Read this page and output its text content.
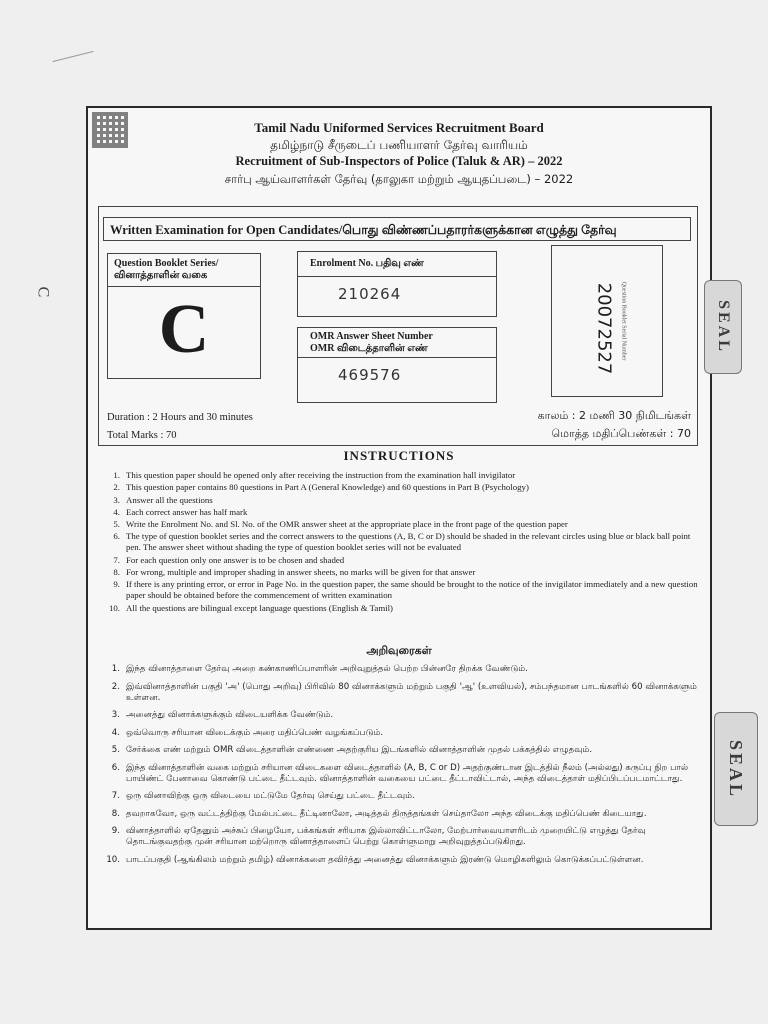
C
Tamil Nadu Uniformed Services Recruitment Board
தமிழ்நாடு சீருடைப் பணியாளர் தேர்வு வாரியம்
Recruitment of Sub-Inspectors of Police (Taluk & AR) – 2022
சார்பு ஆய்வாளர்கள் தேர்வு (தாலுகா மற்றும் ஆயுதப்படை) – 2022
Written Examination for Open Candidates/பொது விண்ணப்பதாரர்களுக்கான எழுத்து தேர்வு
Question Booklet Series/ வினாத்தாளின் வகை
C
Enrolment No. பதிவு எண்
210264
OMR Answer Sheet Number
OMR விடைத்தாளின் எண்
469576
20072527 Question Booklet Serial Number
Duration : 2 Hours and 30 minutes
Total Marks : 70
காலம் : 2 மணி 30 நிமிடங்கள்
மொத்த மதிப்பெண்கள் : 70
INSTRUCTIONS
1. This question paper should be opened only after receiving the instruction from the examination hall invigilator
2. This question paper contains 80 questions in Part A (General Knowledge) and 60 questions in Part B (Psychology)
3. Answer all the questions
4. Each correct answer has half mark
5. Write the Enrolment No. and Sl. No. of the OMR answer sheet at the appropriate place in the front page of the question paper
6. The type of question booklet series and the correct answers to the questions (A, B, C or D) should be shaded in the relevant circles using blue or black ball point pen. The answer sheet without shading the type of question booklet series will not be evaluated
7. For each question only one answer is to be chosen and shaded
8. For wrong, multiple and improper shading in answer sheets, no marks will be given for that answer
9. If there is any printing error, or error in Page No. in the question paper, the same should be brought to the notice of the invigilator immediately and a new question paper should be obtained before the commencement of written examination
10. All the questions are bilingual except language questions (English & Tamil)
அறிவுரைகள்
1. இந்த வினாத்தாளை தேர்வு அறை கண்காணிப்பாளரின் அறிவுறுத்தல் பெற்ற பின்னரே திறக்க வேண்டும்.
2. இவ்வினாத்தாளின் பகுதி 'அ' (பொது அறிவு) பிரிவில் 80 வினாக்களும் மற்றும் பகுதி 'ஆ' (உளவியல்), சம்பந்தமான பாடங்களில் 60 வினாக்களும் உள்ளன.
3. அனைத்து வினாக்களுக்கும் விடையளிக்க வேண்டும்.
4. ஒவ்வொரு சரியான விடைக்கும் அரை மதிப்பெண் வழங்கப்படும்.
5. சேர்க்கை எண் மற்றும் OMR விடைத்தாளின் எண்ணை அதற்குரிய இடங்களில் வினாத்தாளின் முதல் பக்கத்தில் எழுதவும்.
6. இந்த வினாத்தாளின் வகை மற்றும் சரியான விடைகளை விடைத்தாளில் (A, B, C or D) அதற்குண்டான இடத்தில் நீலம் (அல்லது) கருப்பு நிற பால் பாயிண்ட் பேனாவை கொண்டு பட்டை தீட்டவும். வினாத்தாளின் வகையை பட்டை தீட்டாவிட்டால், அந்த விடைத்தாள் மதிப்பிடப்படமாட்டாது.
7. ஒரு வினாவிற்கு ஒரு விடையை மட்டுமே தேர்வு செய்து பட்டை தீட்டவும்.
8. தவறாகவோ, ஒரு வட்டத்திற்கு மேல்பட்டை தீட்டினாலோ, அடித்தல் திருத்தங்கள் செய்தாலோ அந்த விடைக்கு மதிப்பெண் கிடையாது.
9. வினாத்தாளில் ஏதேனும் அச்சுப் பிழையோ, பக்கங்கள் சரியாக இல்லாவிட்டாலோ, மேற்பார்வையாளரிடம் முறையிட்டு எழுத்து தேர்வு தொடங்குவதற்கு முன் சரியான மற்றொரு வினாத்தாளைப் பெற்று கொள்ளுமாறு அறிவுறுத்தப்படுகிறது.
10. பாடப்பகுதி (ஆங்கிலம் மற்றும் தமிழ்) வினாக்களை தவிர்த்து அனைத்து வினாக்களும் இரண்டு மொழிகளிலும் கொடுக்கப்பட்டுள்ளன.
SEAL
SEAL
